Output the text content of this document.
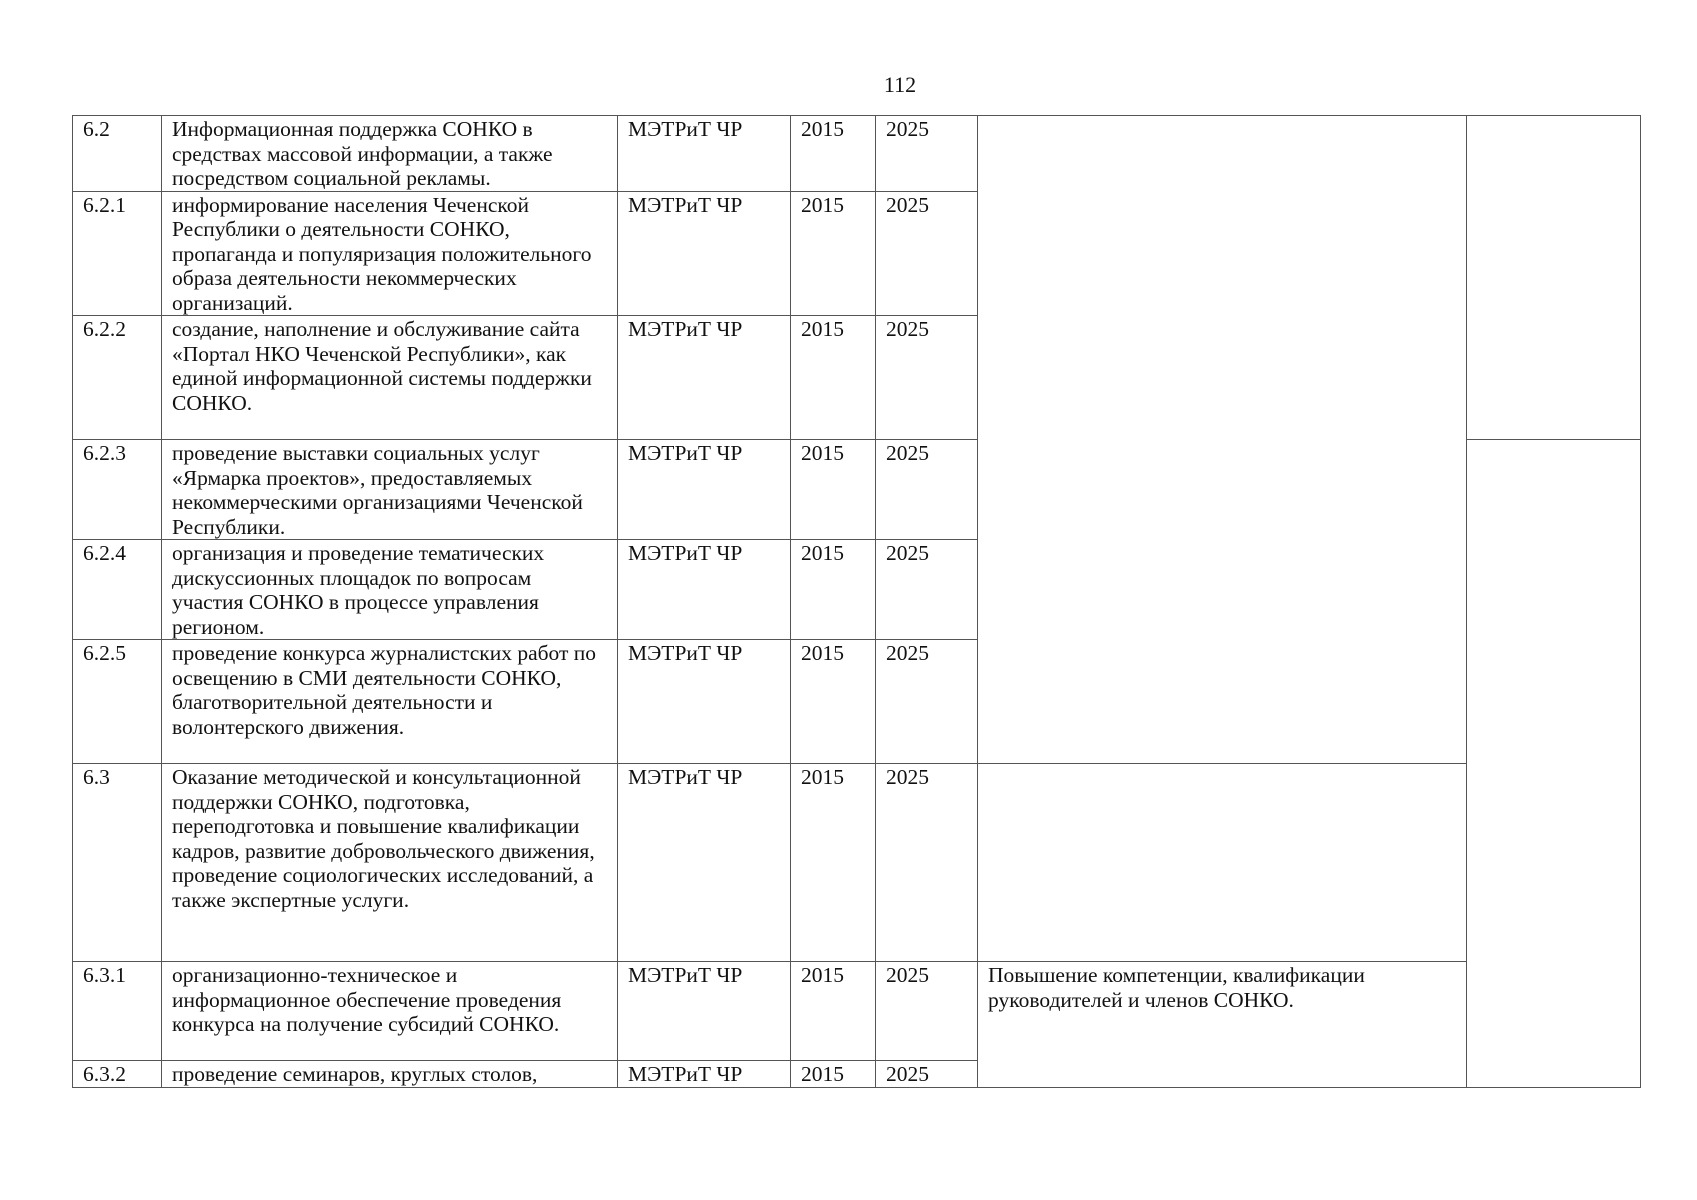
112
6.2	Информационная поддержка СОНКО в средствах массовой информации, а также посредством социальной рекламы.	МЭТРиТ ЧР	2015	2025		
6.2.1	информирование населения Чеченской Республики о деятельности СОНКО, пропаганда и популяризация положительного образа деятельности некоммерческих организаций.	МЭТРиТ ЧР	2015	2025		
6.2.2	создание, наполнение и обслуживание сайта «Портал НКО Чеченской Республики», как единой информационной системы поддержки СОНКО.	МЭТРиТ ЧР	2015	2025		
6.2.3	проведение выставки социальных услуг «Ярмарка проектов», предоставляемых некоммерческими организациями Чеченской Республики.	МЭТРиТ ЧР	2015	2025		
6.2.4	организация и проведение тематических дискуссионных площадок по вопросам участия СОНКО в процессе управления регионом.	МЭТРиТ ЧР	2015	2025		
6.2.5	проведение конкурса журналистских работ по освещению в СМИ деятельности СОНКО, благотворительной деятельности и волонтерского движения.	МЭТРиТ ЧР	2015	2025		
6.3	Оказание методической и консультационной поддержки СОНКО, подготовка, переподготовка и повышение квалификации кадров, развитие добровольческого движения, проведение социологических исследований, а также экспертные услуги.	МЭТРиТ ЧР	2015	2025		
6.3.1	организационно-техническое и информационное обеспечение проведения конкурса на получение субсидий СОНКО.	МЭТРиТ ЧР	2015	2025	Повышение компетенции, квалификации руководителей и членов СОНКО.	
6.3.2	проведение семинаров, круглых столов,	МЭТРиТ ЧР	2015	2025		
